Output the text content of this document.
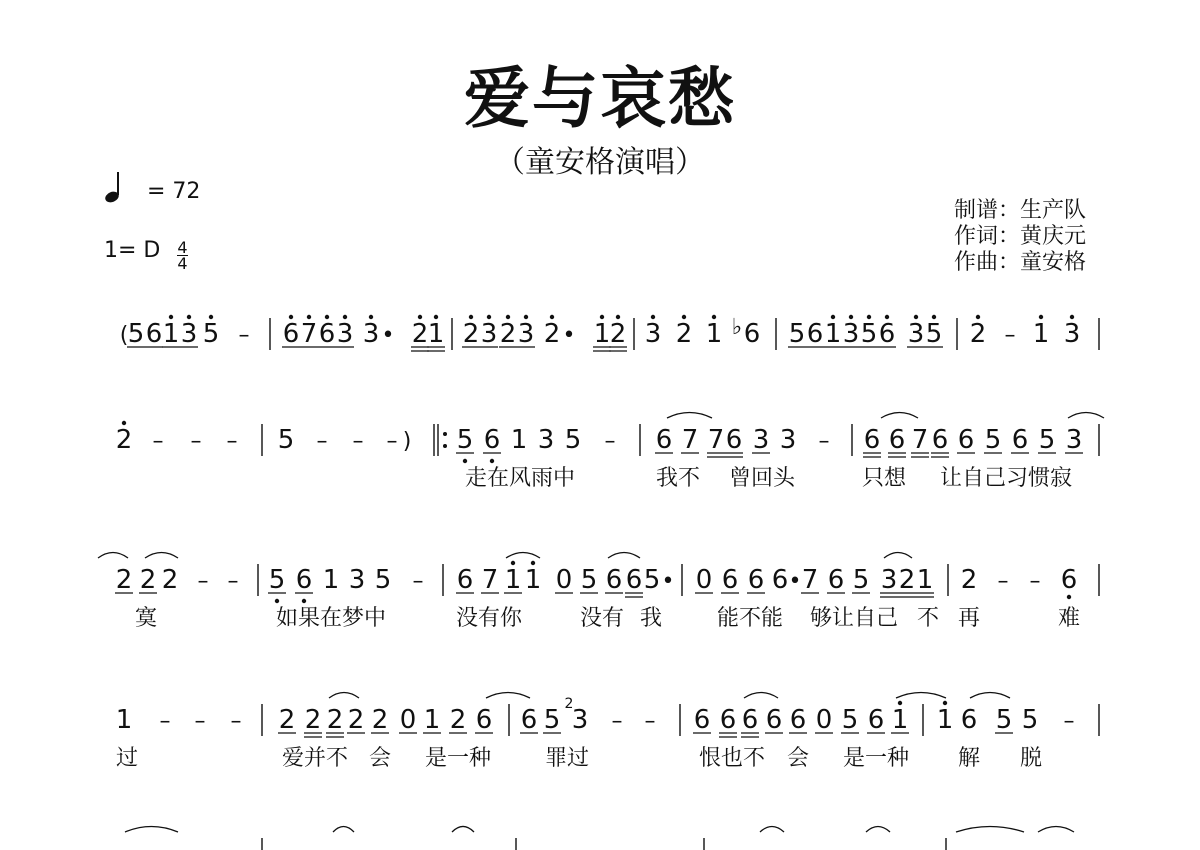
爱与哀愁
（童安格演唱）
= 72
1= D $\frac{4}{4}$
制谱：生产队
作词：黄庆元
作曲：童安格
( 5 6 1 3 5 – 6 7 6 3 3 • 2 1 2 3 2 3 2 • 1 2 3 2 1 ♭ 6 5 6 1 3 5 6 3 5 2 – 1 3
2 – – – 5 – – – ) 5 6 1 3 5 – 6 7 7 6 3 3 – 6 6 7 6 6 5 6 5 3
走在风雨中	我不 曾回头	只想 让自己习惯寂
2 2 2 – – 5 6 1 3 5 – 6 7 1 1 0 5 6 6 5 • 0 6 6 6 • 7 6 5 3 2 1 2 – – 6
寞	如果在梦中	没有你	没有 我 能不能 够让自己 不 再	难
1 – – – 2 2 2 2 2 0 1 2 6 6 5
2
3 – – 6 6 6 6 6 0 5 6 1 1 6 5 5 –
过	爱并不 会 是一种 罪过	恨也不 会 是一种 解 脱
